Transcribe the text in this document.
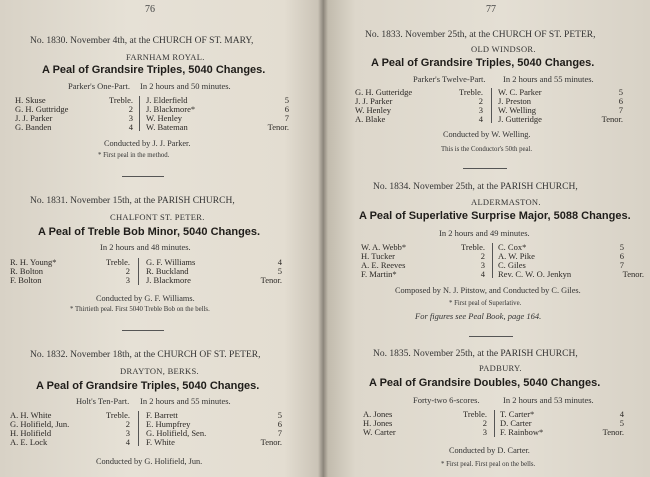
76
No. 1830. November 4th, at the CHURCH OF ST. MARY,
FARNHAM ROYAL.
A Peal of Grandsire Triples, 5040 Changes.
Parker's One-Part. In 2 hours and 50 minutes.
H. Skuse	Treble.
G. H. Guttridge	2
J. J. Parker	3
G. Banden	4
J. Elderfield	5
J. Blackmore*	6
W. Henley	7
W. Bateman	Tenor.
Conducted by J. J. Parker.
* First peal in the method.
No. 1831. November 15th, at the PARISH CHURCH,
CHALFONT ST. PETER.
A Peal of Treble Bob Minor, 5040 Changes.
In 2 hours and 48 minutes.
R. H. Young*	Treble.
R. Bolton	2
F. Bolton	3
G. F. Williams	4
R. Buckland	5
J. Blackmore	Tenor.
Conducted by G. F. Williams.
* Thirtieth peal. First 5040 Treble Bob on the bells.
No. 1832. November 18th, at the CHURCH OF ST. PETER,
DRAYTON, BERKS.
A Peal of Grandsire Triples, 5040 Changes.
Holt's Ten-Part. In 2 hours and 55 minutes.
A. H. White	Treble.
G. Holifield, Jun.	2
H. Holifield	3
A. E. Lock	4
F. Barrett	5
E. Humpfrey	6
G. Holifield, Sen.	7
F. White	Tenor.
Conducted by G. Holifield, Jun.
77
No. 1833. November 25th, at the CHURCH OF ST. PETER,
OLD WINDSOR.
A Peal of Grandsire Triples, 5040 Changes.
Parker's Twelve-Part. In 2 hours and 55 minutes.
G. H. Gutteridge	Treble.
J. J. Parker	2
W. Henley	3
A. Blake	4
W. C. Parker	5
J. Preston	6
W. Welling	7
J. Gutteridge	Tenor.
Conducted by W. Welling.
This is the Conductor's 50th peal.
No. 1834. November 25th, at the PARISH CHURCH,
ALDERMASTON.
A Peal of Superlative Surprise Major, 5088 Changes.
In 2 hours and 49 minutes.
W. A. Webb*	Treble.
H. Tucker	2
A. E. Reeves	3
F. Martin*	4
C. Cox*	5
A. W. Pike	6
C. Giles	7
Rev. C. W. O. Jenkyn	Tenor.
Composed by N. J. Pitstow, and Conducted by C. Giles.
* First peal of Superlative.
For figures see Peal Book, page 164.
No. 1835. November 25th, at the PARISH CHURCH,
PADBURY.
A Peal of Grandsire Doubles, 5040 Changes.
Forty-two 6-scores.	In 2 hours and 53 minutes.
A. Jones	Treble.
H. Jones	2
W. Carter	3
T. Carter*	4
D. Carter	5
F. Rainbow*	Tenor.
Conducted by D. Carter.
* First peal. First peal on the bells.
